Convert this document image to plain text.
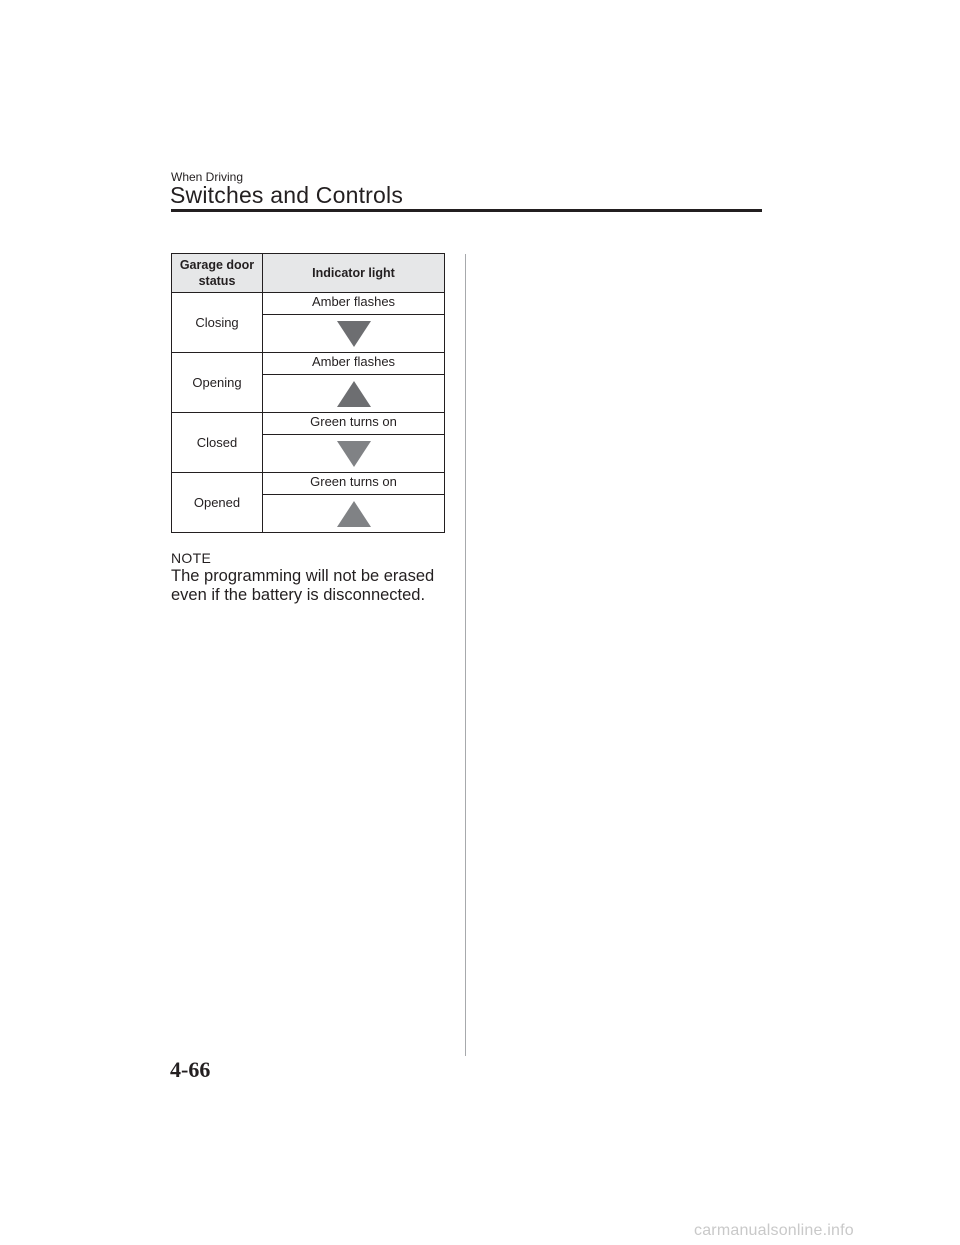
When Driving
Switches and Controls
Garage door status	Indicator light
Closing	Amber flashes

Opening	Amber flashes

Closed	Green turns on

Opened	Green turns on

NOTE
The programming will not be erased even if the battery is disconnected.
4-66
carmanualsonline.info
